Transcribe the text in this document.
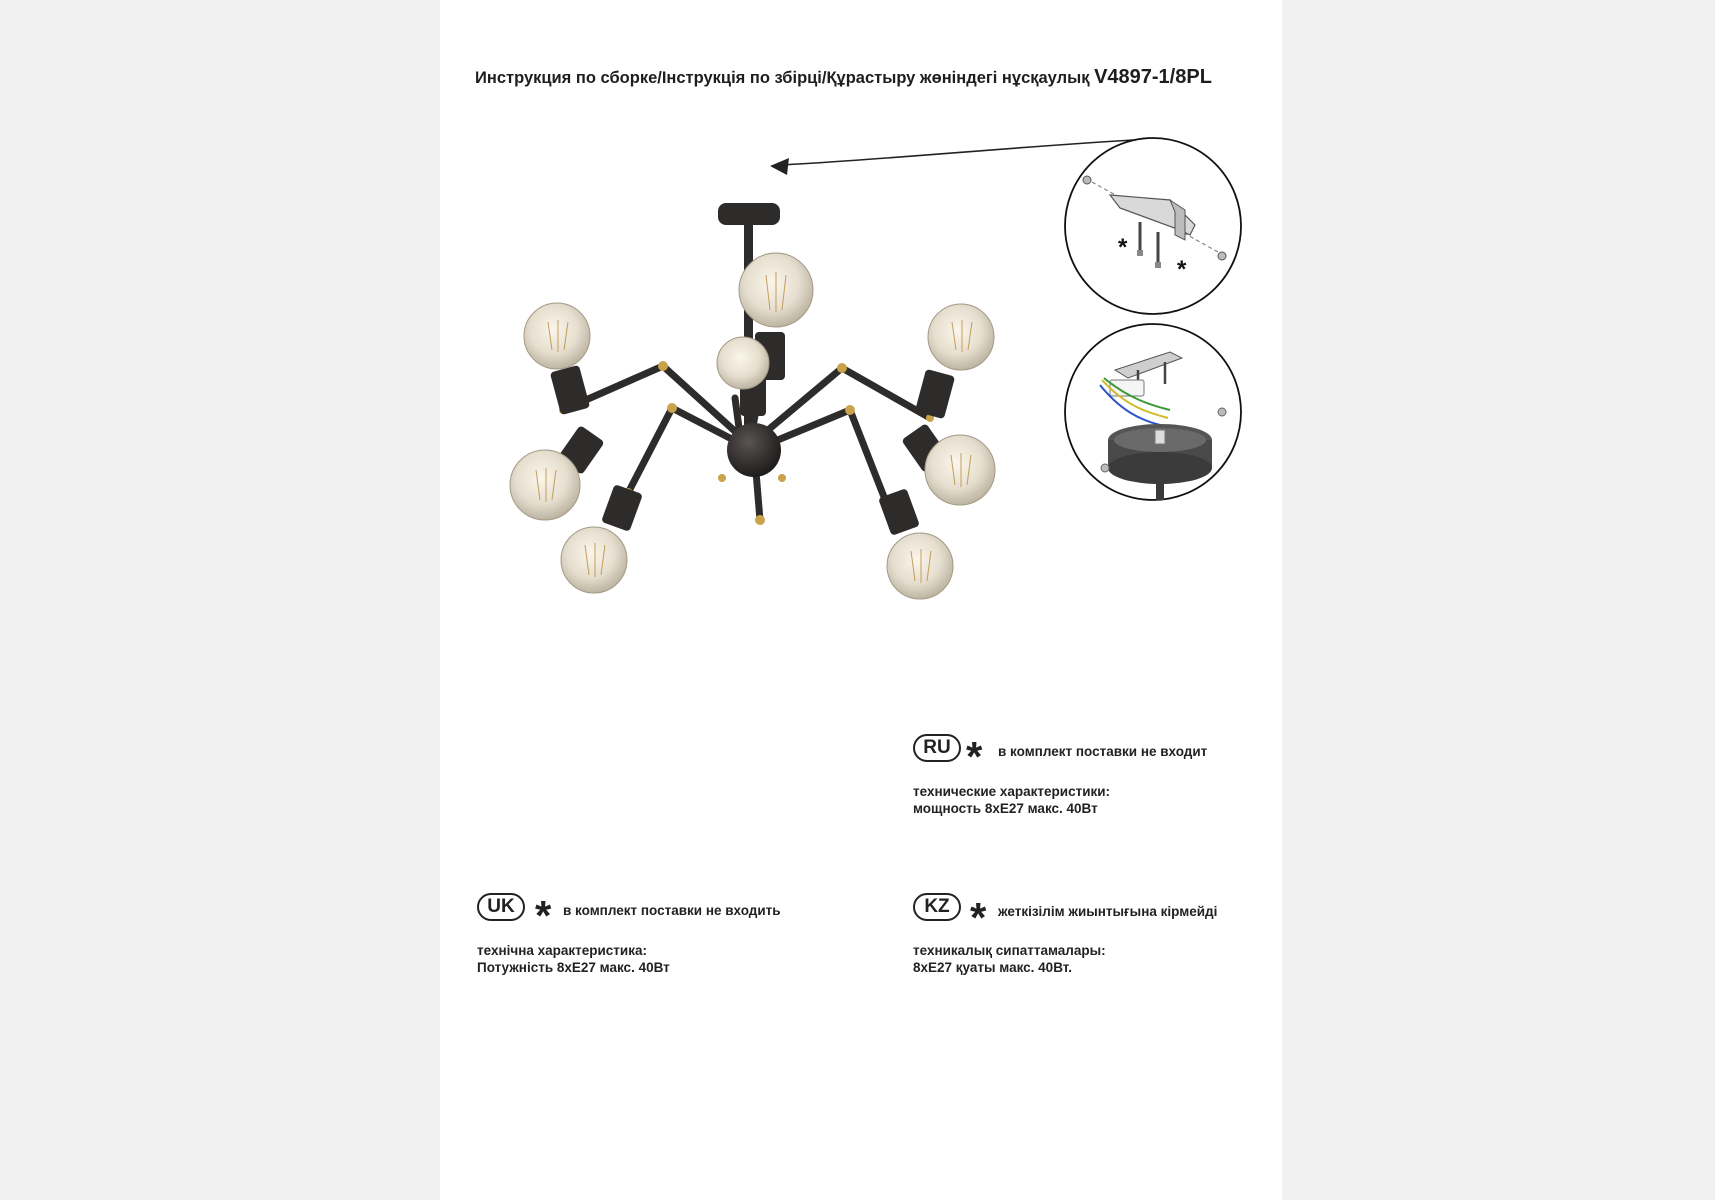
Инструкция по сборке/Інструкція по збірці/Құрастыру жөніндегі нұсқаулық V4897-1/8PL
*
*
RU * в комплект поставки не входит
технические характеристики:
мощность 8хЕ27 макс. 40Вт
UK * в комплект поставки не входить
технічна характеристика:
Потужність 8хЕ27 макс. 40Вт
KZ * жеткізілім жиынтығына кірмейді
техникалық сипаттамалары:
8хЕ27 қуаты макс. 40Вт.
